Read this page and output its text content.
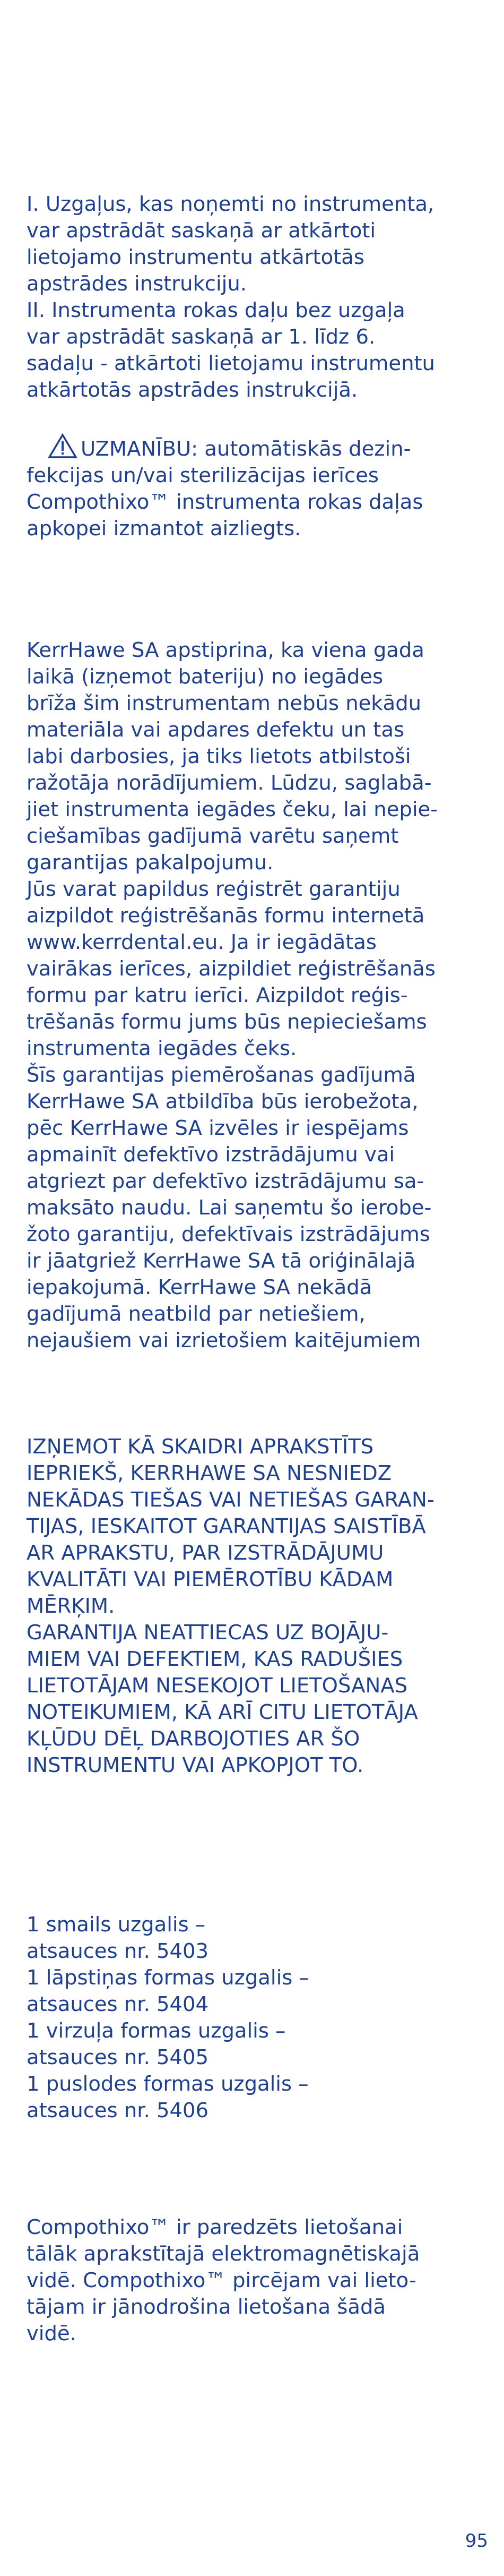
I. Uzgaļus, kas noņemti no instrumenta,
var apstrādāt saskaņā ar atkārtoti
lietojamo instrumentu atkārtotās
apstrādes instrukciju.
II. Instrumenta rokas daļu bez uzgaļa
var apstrādāt saskaņā ar 1. līdz 6.
sadaļu - atkārtoti lietojamu instrumentu
atkārtotās apstrādes instrukcijā.
UZMANĪBU: automātiskās dezin-
fekcijas un/vai sterilizācijas ierīces
Compothixo™ instrumenta rokas daļas
apkopei izmantot aizliegts.
KerrHawe SA apstiprina, ka viena gada
laikā (izņemot bateriju) no iegādes
brīža šim instrumentam nebūs nekādu
materiāla vai apdares defektu un tas
labi darbosies, ja tiks lietots atbilstoši
ražotāja norādījumiem. Lūdzu, saglabā-
jiet instrumenta iegādes čeku, lai nepie-
ciešamības gadījumā varētu saņemt
garantijas pakalpojumu.
Jūs varat papildus reģistrēt garantiju
aizpildot reģistrēšanās formu internetā
www.kerrdental.eu. Ja ir iegādātas
vairākas ierīces, aizpildiet reģistrēšanās
formu par katru ierīci. Aizpildot reģis-
trēšanās formu jums būs nepieciešams
instrumenta iegādes čeks.
Šīs garantijas piemērošanas gadījumā
KerrHawe SA atbildība būs ierobežota,
pēc KerrHawe SA izvēles ir iespējams
apmainīt defektīvo izstrādājumu vai
atgriezt par defektīvo izstrādājumu sa-
maksāto naudu. Lai saņemtu šo ierobe-
žoto garantiju, defektīvais izstrādājums
ir jāatgriež KerrHawe SA tā oriģinālajā
iepakojumā. KerrHawe SA nekādā
gadījumā neatbild par netiešiem,
nejaušiem vai izrietošiem kaitējumiem
IZŅEMOT KĀ SKAIDRI APRAKSTĪTS
IEPRIEKŠ, KERRHAWE SA NESNIEDZ
NEKĀDAS TIEŠAS VAI NETIEŠAS GARAN-
TIJAS, IESKAITOT GARANTIJAS SAISTĪBĀ
AR APRAKSTU, PAR IZSTRĀDĀJUMU
KVALITĀTI VAI PIEMĒROTĪBU KĀDAM
MĒRĶIM.
GARANTIJA NEATTIECAS UZ BOJĀJU-
MIEM VAI DEFEKTIEM, KAS RADUŠIES
LIETOTĀJAM NESEKOJOT LIETOŠANAS
NOTEIKUMIEM, KĀ ARĪ CITU LIETOTĀJA
KĻŪDU DĒĻ DARBOJOTIES AR ŠO
INSTRUMENTU VAI APKOPJOT TO.
1 smails uzgalis –
atsauces nr. 5403
1 lāpstiņas formas uzgalis –
atsauces nr. 5404
1 virzuļa formas uzgalis –
atsauces nr. 5405
1 puslodes formas uzgalis –
atsauces nr. 5406
Compothixo™ ir paredzēts lietošanai
tālāk aprakstītajā elektromagnētiskajā
vidē. Compothixo™ pircējam vai lieto-
tājam ir jānodrošina lietošana šādā
vidē.
95
